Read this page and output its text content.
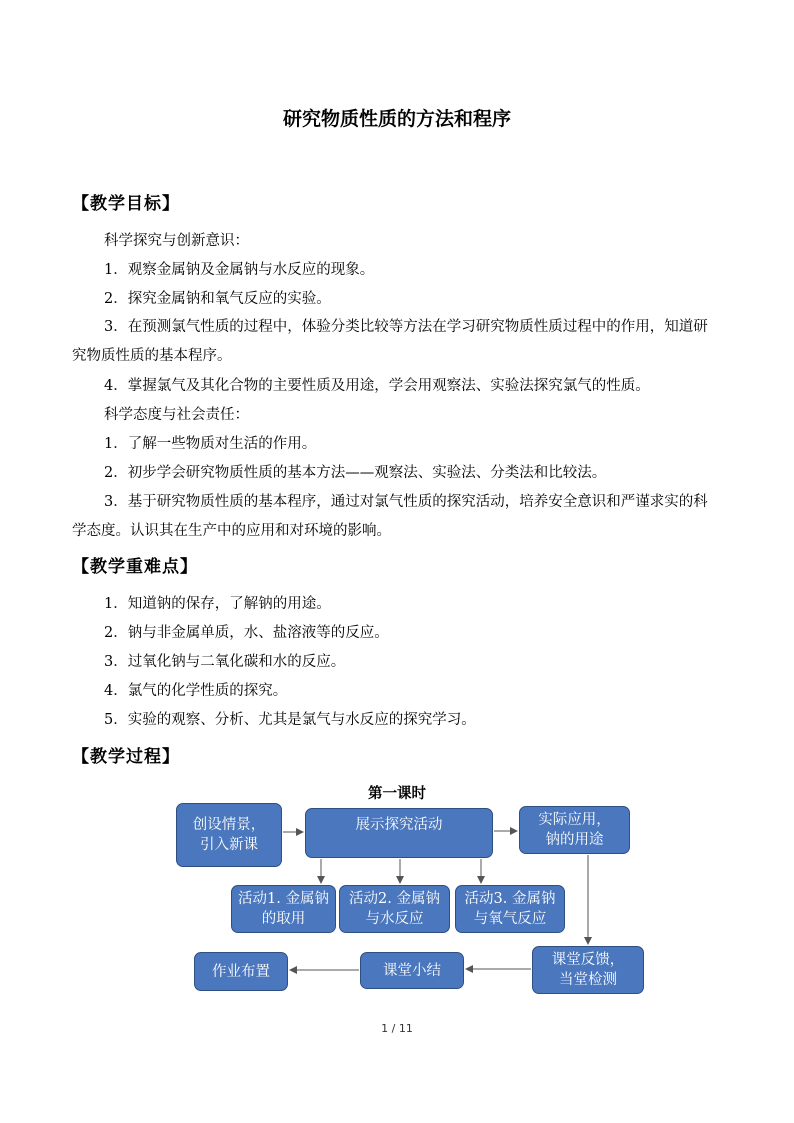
研究物质性质的方法和程序
【教学目标】
科学探究与创新意识：
1．观察金属钠及金属钠与水反应的现象。
2．探究金属钠和氧气反应的实验。
3．在预测氯气性质的过程中，体验分类比较等方法在学习研究物质性质过程中的作用，知道研究物质性质的基本程序。
4．掌握氯气及其化合物的主要性质及用途，学会用观察法、实验法探究氯气的性质。
科学态度与社会责任：
1．了解一些物质对生活的作用。
2．初步学会研究物质性质的基本方法——观察法、实验法、分类法和比较法。
3．基于研究物质性质的基本程序，通过对氯气性质的探究活动，培养安全意识和严谨求实的科学态度。认识其在生产中的应用和对环境的影响。
【教学重难点】
1．知道钠的保存，了解钠的用途。
2．钠与非金属单质，水、盐溶液等的反应。
3．过氧化钠与二氧化碳和水的反应。
4．氯气的化学性质的探究。
5．实验的观察、分析、尤其是氯气与水反应的探究学习。
【教学过程】
第一课时
创设情景，
引入新课
展示探究活动	实际应用，
钠的用途
活动1. 金属钠
的取用
活动2. 金属钠
与水反应
活动3. 金属钠
与氧气反应
课堂反馈，
当堂检测
课堂小结
作业布置
1 / 11
